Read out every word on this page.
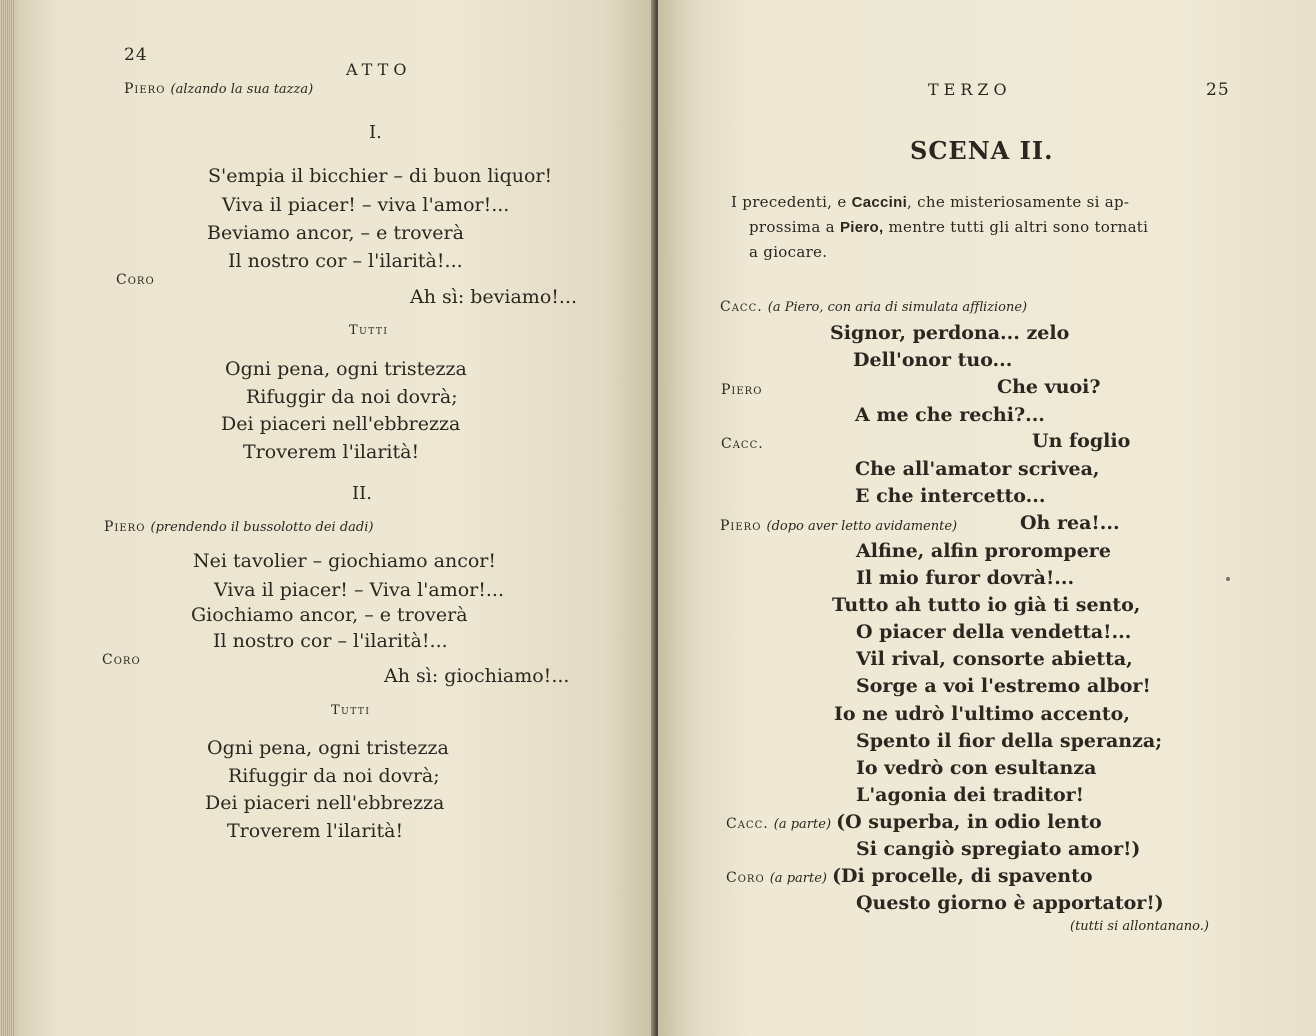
24
ATTO
Piero (alzando la sua tazza)
I.
S'empia il bicchier – di buon liquor!
Viva il piacer! – viva l'amor!...
Beviamo ancor, – e troverà
Il nostro cor – l'ilarità!...
Coro
Ah sì: beviamo!...
Tutti
Ogni pena, ogni tristezza
Rifuggir da noi dovrà;
Dei piaceri nell'ebbrezza
Troverem l'ilarità!
II.
Piero (prendendo il bussolotto dei dadi)
Nei tavolier – giochiamo ancor!
Viva il piacer! – Viva l'amor!...
Giochiamo ancor, – e troverà
Il nostro cor – l'ilarità!...
Coro
Ah sì: giochiamo!...
Tutti
Ogni pena, ogni tristezza
Rifuggir da noi dovrà;
Dei piaceri nell'ebbrezza
Troverem l'ilarità!
TERZO	25
SCENA II.
I precedenti, e Caccini, che misteriosamente si ap-
prossima a Piero, mentre tutti gli altri sono tornati
a giocare.
Cacc. (a Piero, con aria di simulata afflizione)
Signor, perdona... zelo
Dell'onor tuo...
Piero	Che vuoi?
A me che rechi?...
Cacc.	Un foglio
Che all'amator scrivea,
E che intercetto...
Piero (dopo aver letto avidamente)	Oh rea!...
Alfine, alfin prorompere
Il mio furor dovrà!...
Tutto ah tutto io già ti sento,
O piacer della vendetta!...
Vil rival, consorte abietta,
Sorge a voi l'estremo albor!
Io ne udrò l'ultimo accento,
Spento il fior della speranza;
Io vedrò con esultanza
L'agonia dei traditor!
Cacc. (a parte) (O superba, in odio lento
Si cangiò spregiato amor!)
Coro (a parte) (Di procelle, di spavento
Questo giorno è apportator!)
(tutti si allontanano.)
